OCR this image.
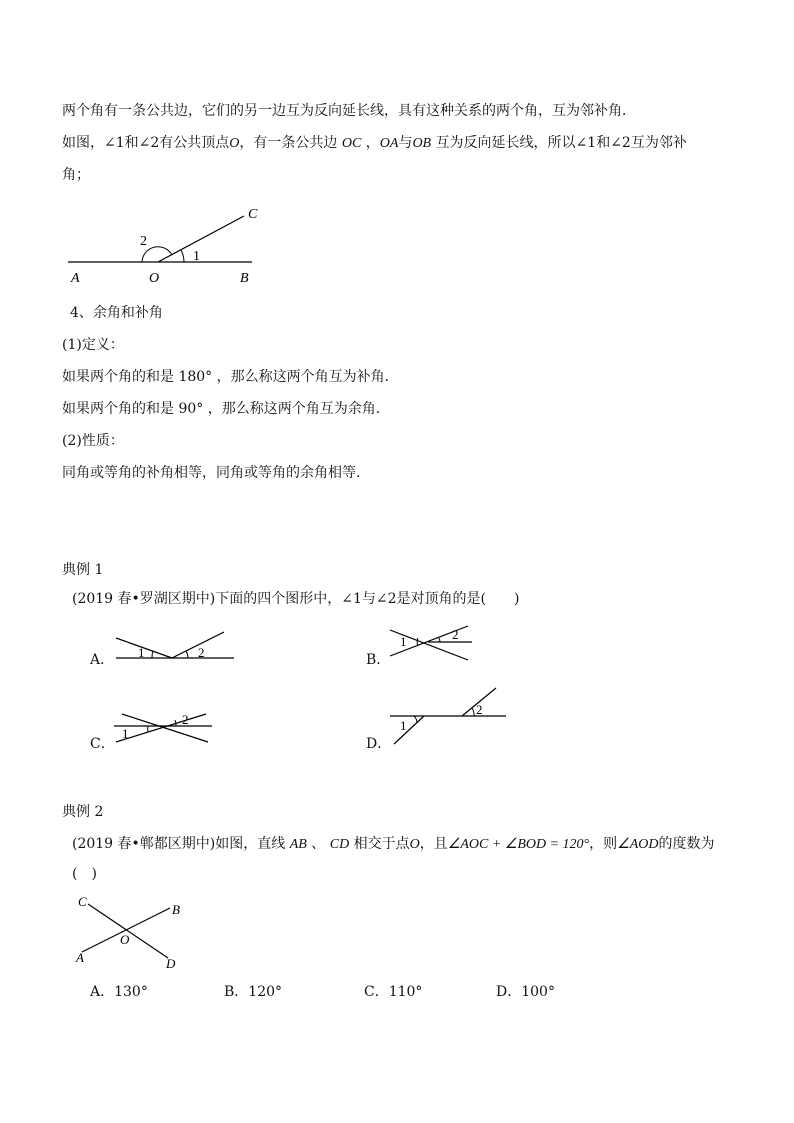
两个角有一条公共边，它们的另一边互为反向延长线，具有这种关系的两个角，互为邻补角．
如图，∠1和∠2有公共顶点O，有一条公共边 OC ，OA与OB 互为反向延长线，所以∠1和∠2互为邻补
角；
2
1
A	O	B
C
4、余角和补角
(1)定义：
如果两个角的和是 180° ，那么称这两个角互为补角.
如果两个角的和是 90° ，那么称这两个角互为余角.
(2)性质：
同角或等角的补角相等，同角或等角的余角相等.
典例 1
(2019 春•罗湖区期中)下面的四个图形中，∠1与∠2是对顶角的是(　　)
A． 1	2	B．
1	2
C．
1
2
D．
1
2
典例 2
(2019 春•郸都区期中)如图，直线 AB 、 CD 相交于点O，且∠AOC + ∠BOD = 120°，则∠AOD的度数为
(　)
C
B
O
A	D
A．130°	B．120°	C．110°	D．100°
